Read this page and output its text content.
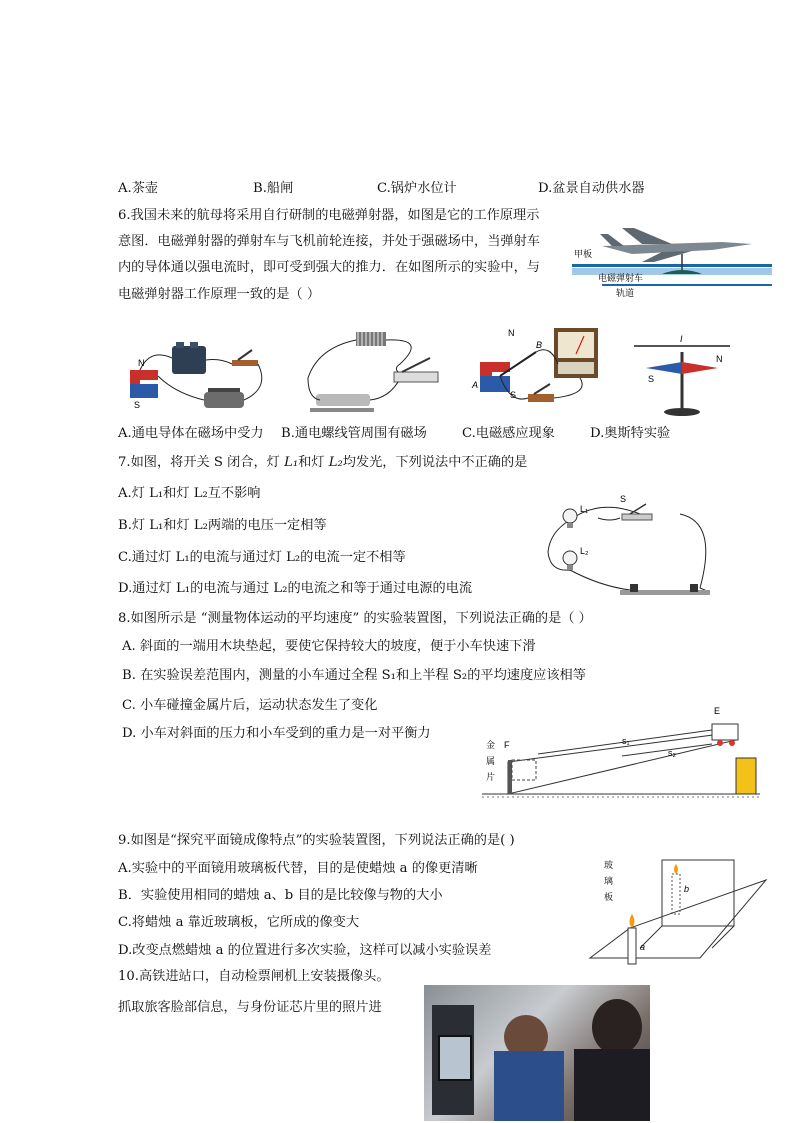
A.茶壶	B.船闸	C.锅炉水位计	D.盆景自动供水器
6.我国未来的航母将采用自行研制的电磁弹射器，如图是它的工作原理示
意图．电磁弹射器的弹射车与飞机前轮连接，并处于强磁场中，当弹射车
内的导体通以强电流时，即可受到强大的推力．在如图所示的实验中，与
电磁弹射器工作原理一致的是（ ）
甲板
电磁弹射车
轨道
N
S
N
S
A
B
I
S
N
A.通电导体在磁场中受力 B.通电螺线管周围有磁场	C.电磁感应现象	D.奥斯特实验
7.如图，将开关 S 闭合，灯 L₁和灯 L₂均发光，下列说法中不正确的是
A.灯 L₁和灯 L₂互不影响
B.灯 L₁和灯 L₂两端的电压一定相等
C.通过灯 L₁的电流与通过灯 L₂的电流一定不相等
D.通过灯 L₁的电流与通过 L₂的电流之和等于通过电源的电流
S
L₁
L₂
8.如图所示是 “测量物体运动的平均速度” 的实验装置图，下列说法正确的是（ ）
A. 斜面的一端用木块垫起，要使它保持较大的坡度，便于小车快速下滑
B. 在实验误差范围内，测量的小车通过全程 S₁和上半程 S₂的平均速度应该相等
C. 小车碰撞金属片后，运动状态发生了变化
D. 小车对斜面的压力和小车受到的重力是一对平衡力
金
属
片
F
E
s₁
s₂
9.如图是“探究平面镜成像特点”的实验装置图，下列说法正确的是( )
A.实验中的平面镜用玻璃板代替，目的是使蜡烛 a 的像更清晰
B．实验使用相同的蜡烛 a、b 目的是比较像与物的大小
C.将蜡烛 a 靠近玻璃板，它所成的像变大
D.改变点燃蜡烛 a 的位置进行多次实验，这样可以减小实验误差
玻
璃
板
b
a
10.高铁进站口，自动检票闸机上安装摄像头。
抓取旅客脸部信息，与身份证芯片里的照片进
